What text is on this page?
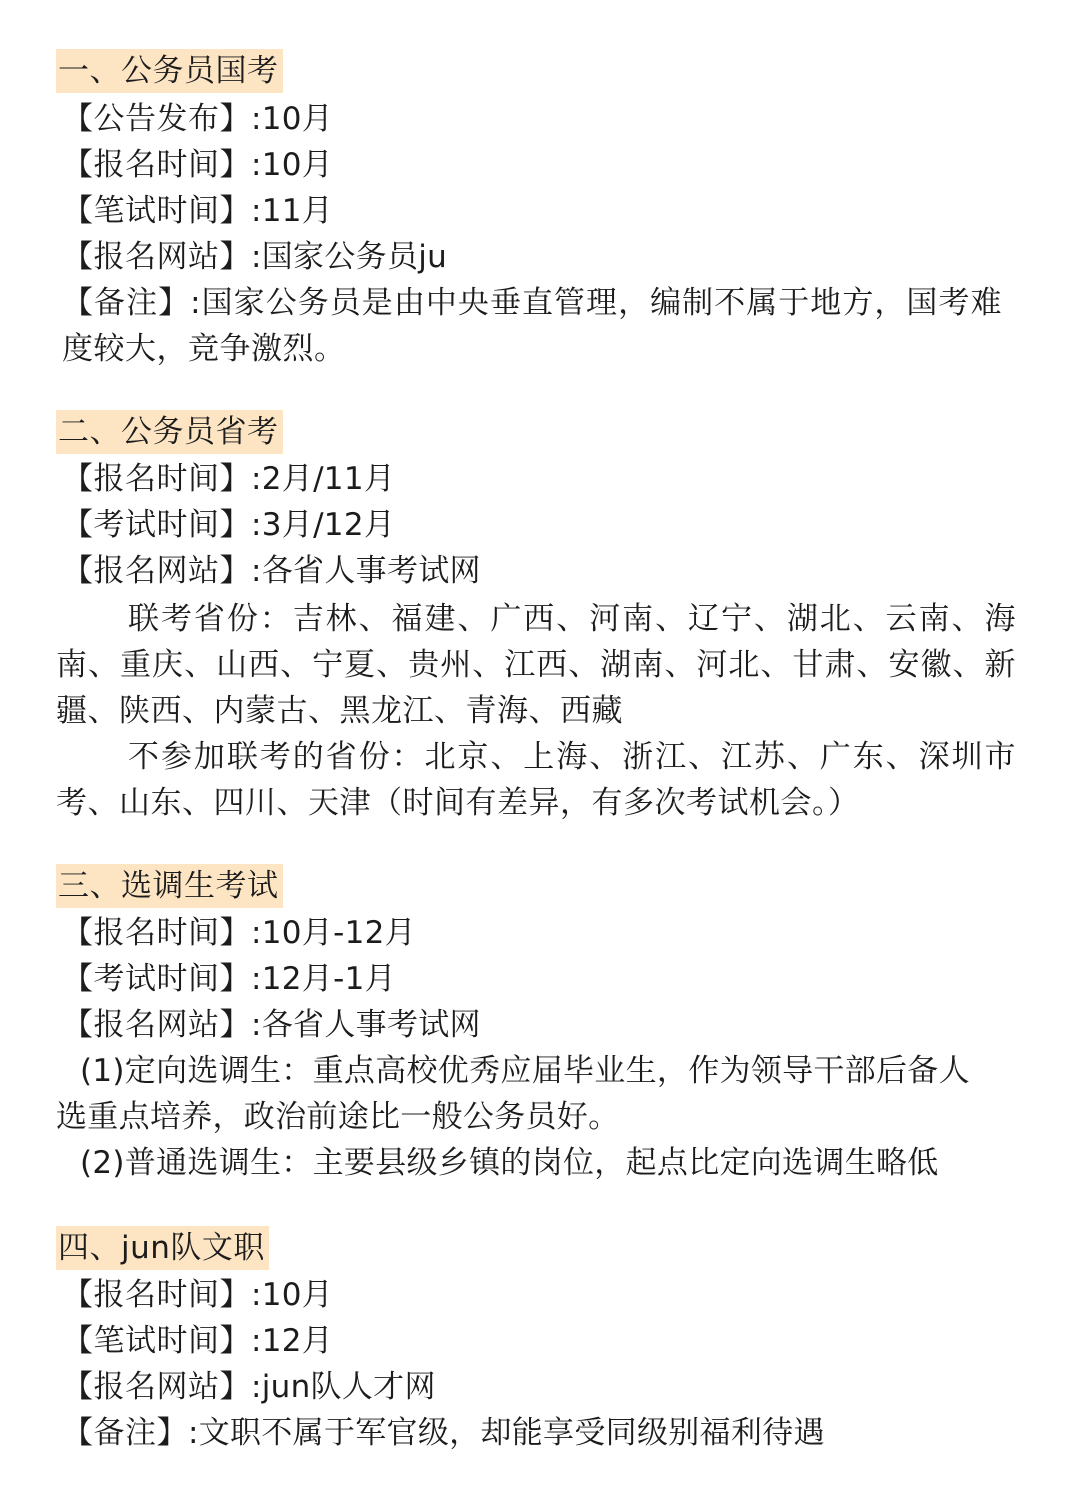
一、公务员国考
【公告发布】:10月
【报名时间】:10月
【笔试时间】:11月
【报名网站】:国家公务员ju
【备注】:国家公务员是由中央垂直管理，编制不属于地方，国考难度较大，竞争激烈。
二、公务员省考
【报名时间】:2月/11月
【考试时间】:3月/12月
【报名网站】:各省人事考试网
联考省份：吉林、福建、广西、河南、辽宁、湖北、云南、海南、重庆、山西、宁夏、贵州、江西、湖南、河北、甘肃、安徽、新疆、陕西、内蒙古、黑龙江、青海、西藏
不参加联考的省份：北京、上海、浙江、江苏、广东、深圳市考、山东、四川、天津（时间有差异，有多次考试机会。）
三、选调生考试
【报名时间】:10月-12月
【考试时间】:12月-1月
【报名网站】:各省人事考试网
(1)定向选调生：重点高校优秀应届毕业生，作为领导干部后备人
选重点培养，政治前途比一般公务员好。
(2)普通选调生：主要县级乡镇的岗位，起点比定向选调生略低
四、jun队文职
【报名时间】:10月
【笔试时间】:12月
【报名网站】:jun队人才网
【备注】:文职不属于军官级，却能享受同级别福利待遇
